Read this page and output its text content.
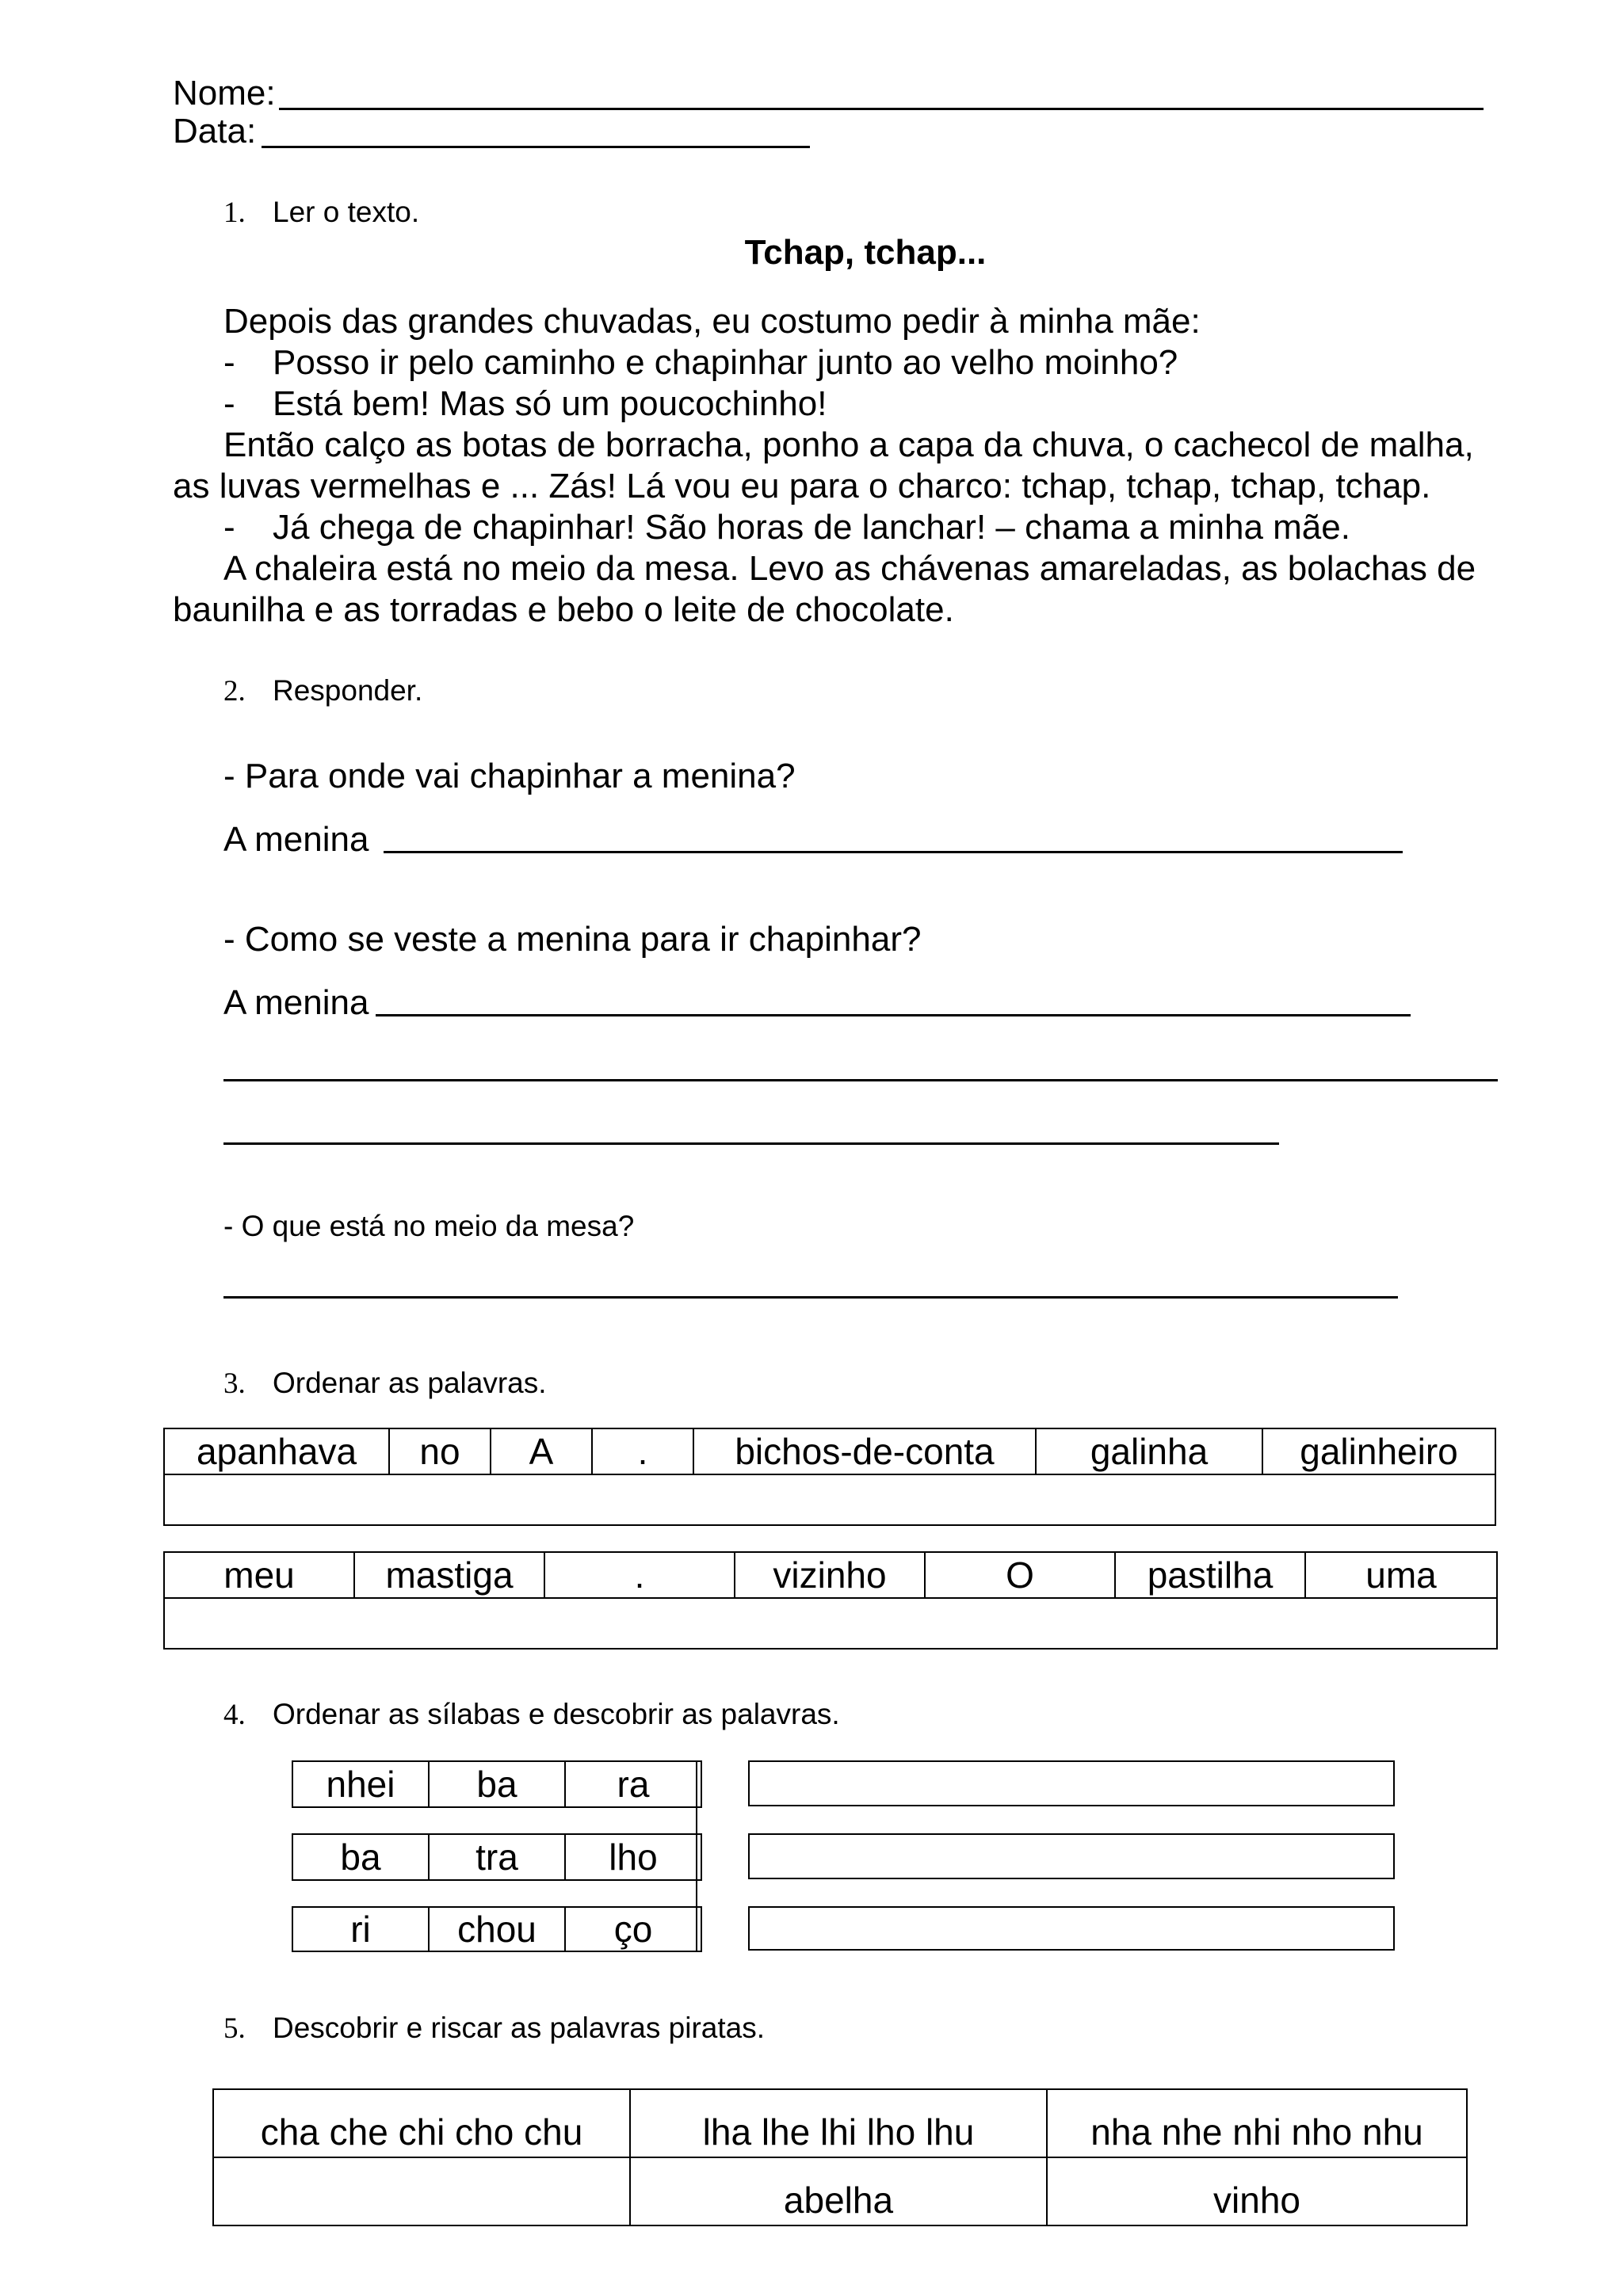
Nome:
Data:
1. Ler o texto.
Tchap, tchap...
Depois das grandes chuvadas, eu costumo pedir à minha mãe:
- Posso ir pelo caminho e chapinhar junto ao velho moinho?
- Está bem! Mas só um poucochinho!
Então calço as botas de borracha, ponho a capa da chuva, o cachecol de malha,
as luvas vermelhas e ... Zás! Lá vou eu para o charco: tchap, tchap, tchap, tchap.
- Já chega de chapinhar! São horas de lanchar! – chama a minha mãe.
A chaleira está no meio da mesa. Levo as chávenas amareladas, as bolachas de
baunilha e as torradas e bebo o leite de chocolate.
2. Responder.
- Para onde vai chapinhar a menina?
A menina
- Como se veste a menina para ir chapinhar?
A menina
- O que está no meio da mesa?
3. Ordenar as palavras.
apanhava	no	A	.	bichos-de-conta	galinha	galinheiro

meu	mastiga	.	vizinho	O	pastilha	uma

4. Ordenar as sílabas e descobrir as palavras.
nhei	ba	ra
ba	tra	lho
ri	chou	ço
5. Descobrir e riscar as palavras piratas.
cha che chi cho chu	lha lhe lhi lho lhu	nha nhe nhi nho nhu
	abelha	vinho
